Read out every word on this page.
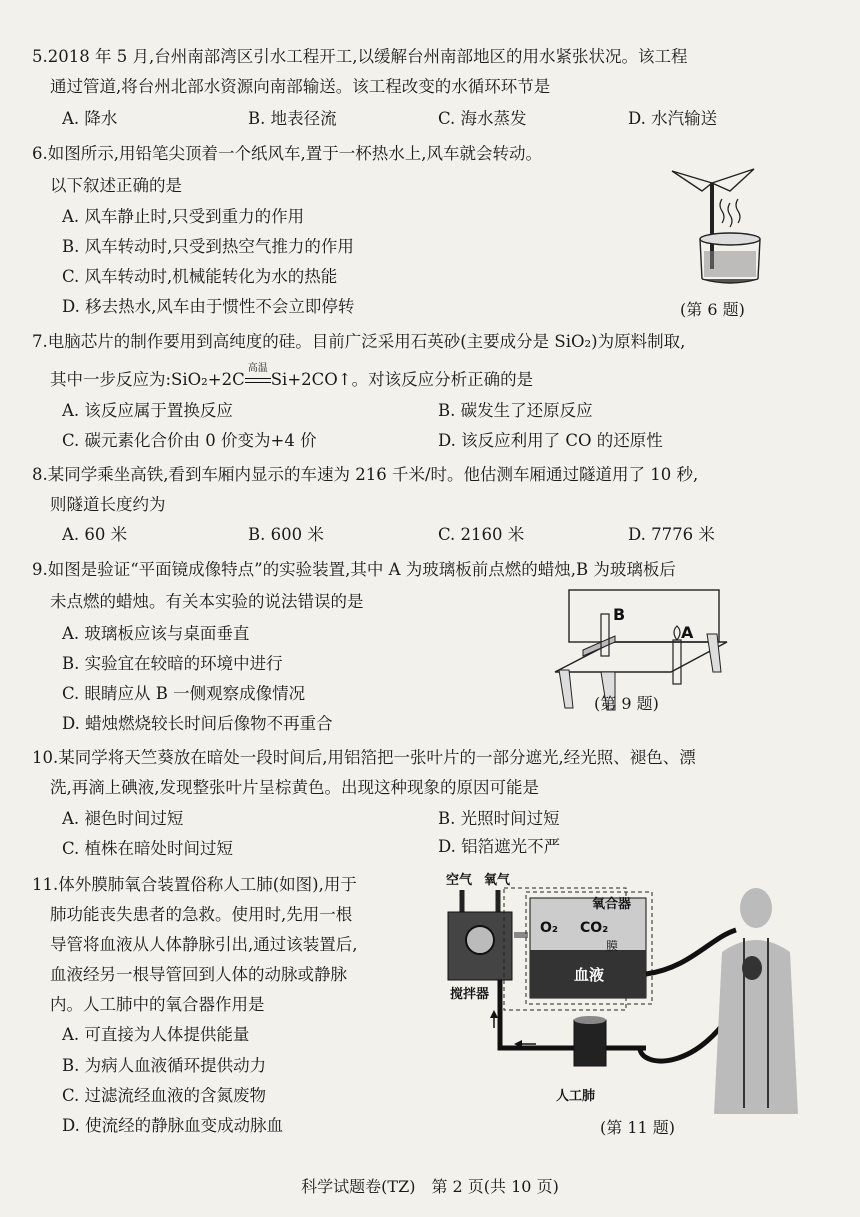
5.2018 年 5 月,台州南部湾区引水工程开工,以缓解台州南部地区的用水紧张状况。该工程
通过管道,将台州北部水资源向南部输送。该工程改变的水循环环节是
A. 降水	B. 地表径流	C. 海水蒸发	D. 水汽输送
6.如图所示,用铅笔尖顶着一个纸风车,置于一杯热水上,风车就会转动。
以下叙述正确的是
A. 风车静止时,只受到重力的作用
B. 风车转动时,只受到热空气推力的作用
C. 风车转动时,机械能转化为水的热能
D. 移去热水,风车由于惯性不会立即停转	(第 6 题)
7.电脑芯片的制作要用到高纯度的硅。目前广泛采用石英砂(主要成分是 SiO₂)为原料制取,
其中一步反应为:SiO₂+2C
高温
Si+2CO↑。对该反应分析正确的是
A. 该反应属于置换反应	B. 碳发生了还原反应
C. 碳元素化合价由 0 价变为+4 价	D. 该反应利用了 CO 的还原性
8.某同学乘坐高铁,看到车厢内显示的车速为 216 千米/时。他估测车厢通过隧道用了 10 秒,
则隧道长度约为
A. 60 米	B. 600 米	C. 2160 米	D. 7776 米
9.如图是验证“平面镜成像特点”的实验装置,其中 A 为玻璃板前点燃的蜡烛,B 为玻璃板后
未点燃的蜡烛。有关本实验的说法错误的是
A. 玻璃板应该与桌面垂直
B. 实验宜在较暗的环境中进行
C. 眼睛应从 B 一侧观察成像情况
D. 蜡烛燃烧较长时间后像物不再重合
B
A
(第 9 题)
10.某同学将天竺葵放在暗处一段时间后,用铝箔把一张叶片的一部分遮光,经光照、褪色、漂
洗,再滴上碘液,发现整张叶片呈棕黄色。出现这种现象的原因可能是
A. 褪色时间过短	B. 光照时间过短
C. 植株在暗处时间过短	D. 铝箔遮光不严
11.体外膜肺氧合装置俗称人工肺(如图),用于
肺功能丧失患者的急救。使用时,先用一根
导管将血液从人体静脉引出,通过该装置后,
血液经另一根导管回到人体的动脉或静脉
内。人工肺中的氧合器作用是
A. 可直接为人体提供能量
B. 为病人血液循环提供动力
C. 过滤流经血液的含氮废物
D. 使流经的静脉血变成动脉血
空气 氧气
搅拌器
氧合器
O₂ CO₂
膜
血液
人工肺
(第 11 题)
科学试题卷(TZ)　第 2 页(共 10 页)
